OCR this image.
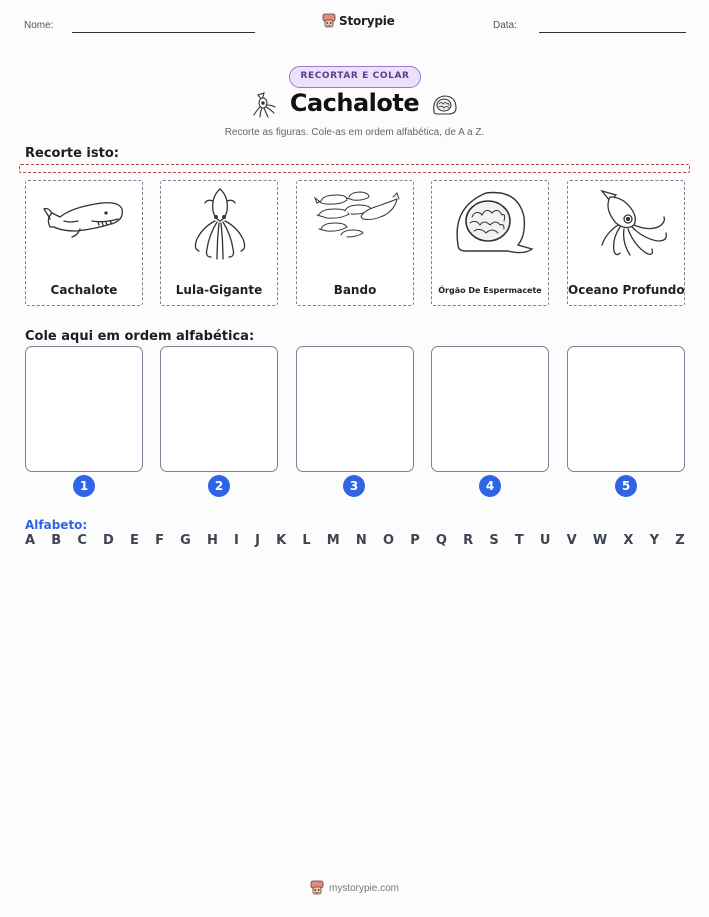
Nome:	Storypie	Data:
RECORTAR E COLAR
Cachalote
Recorte as figuras. Cole-as em ordem alfabética, de A a Z.
Recorte isto:
Cachalote	Lula-Gigante	Bando	Órgão De Espermacete	Oceano Profundo
Cole aqui em ordem alfabética:
1	2	3	4	5
Alfabeto:
A B C D E F G H I J K L M N O P Q R S T U V W X Y Z
mystorypie.com
